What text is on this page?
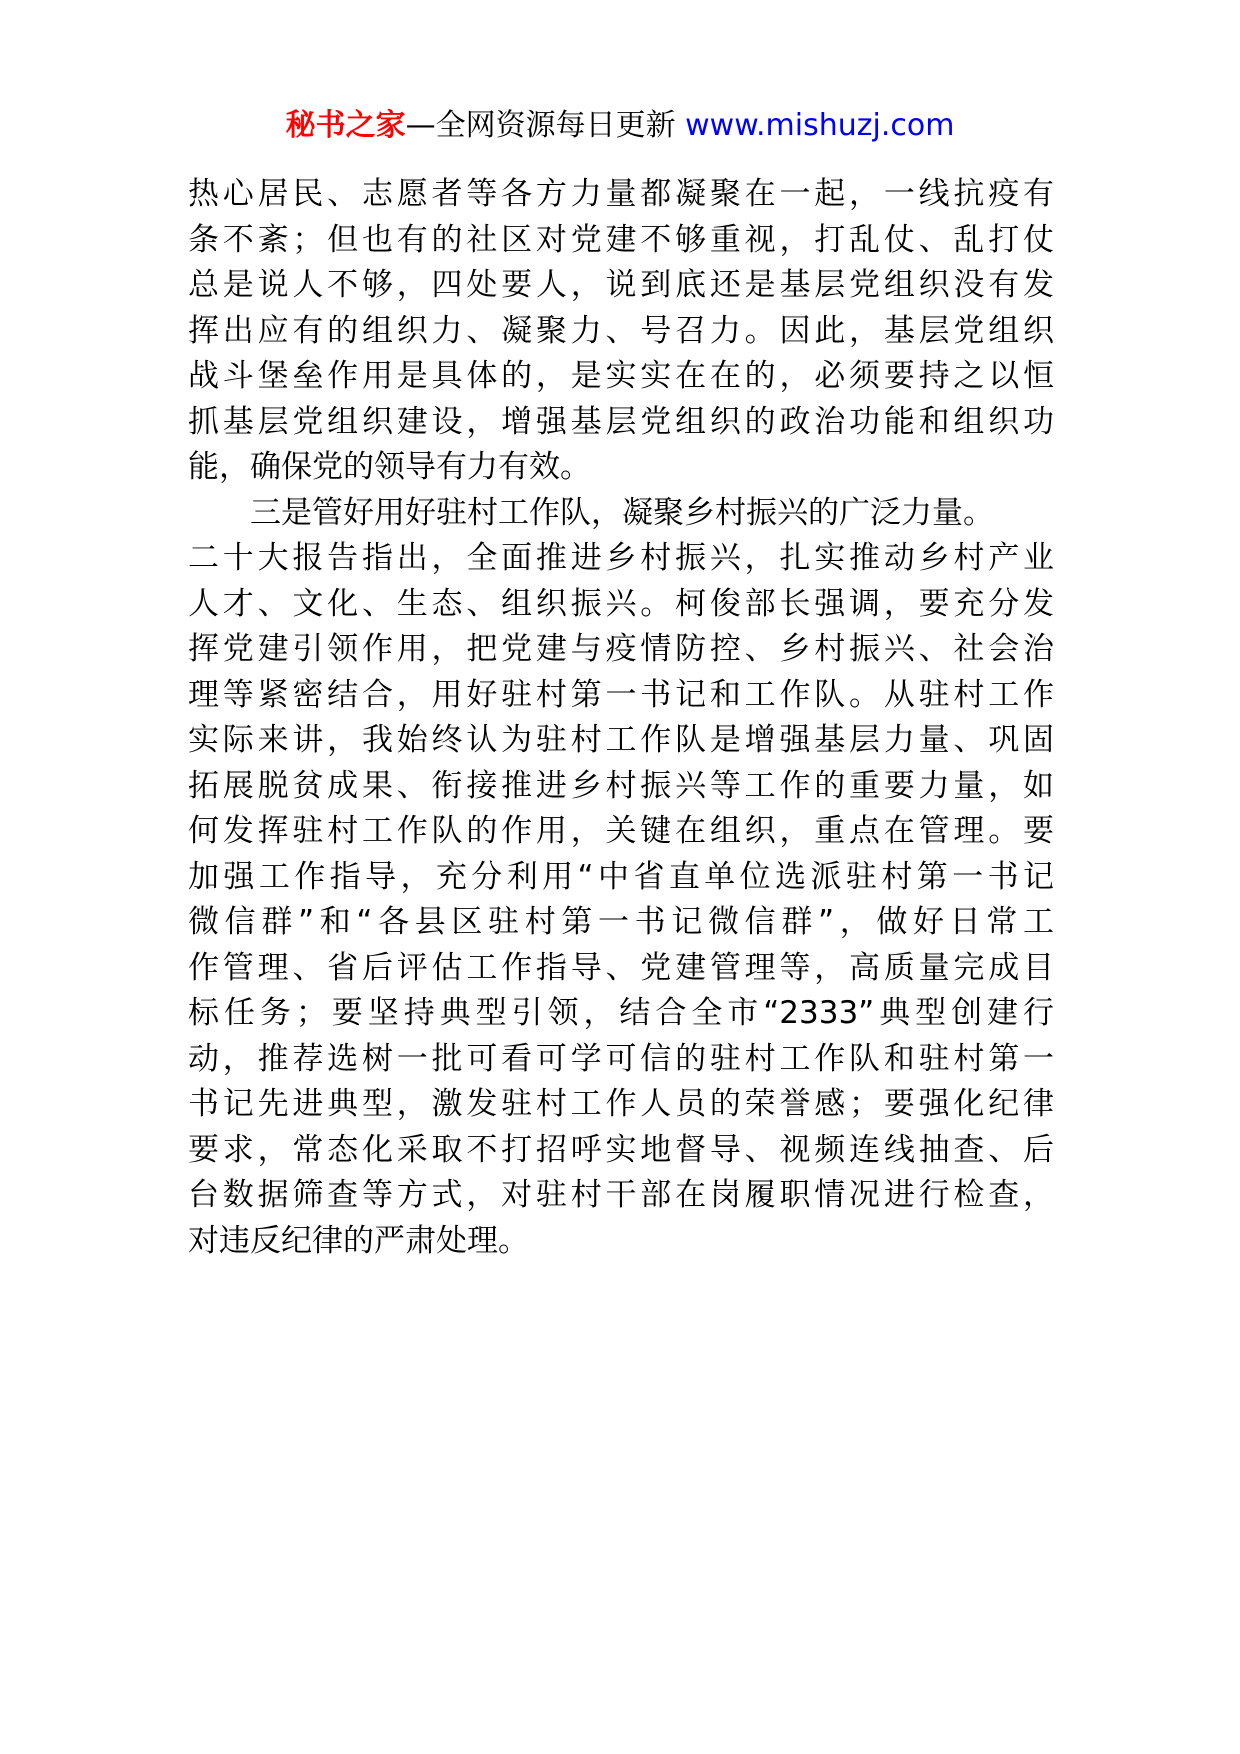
秘书之家—全网资源每日更新 www.mishuzj.com
热心居民、志愿者等各方力量都凝聚在一起，一线抗疫有
条不紊；但也有的社区对党建不够重视，打乱仗、乱打仗
总是说人不够，四处要人，说到底还是基层党组织没有发
挥出应有的组织力、凝聚力、号召力。因此，基层党组织
战斗堡垒作用是具体的，是实实在在的，必须要持之以恒
抓基层党组织建设，增强基层党组织的政治功能和组织功
能，确保党的领导有力有效。
三是管好用好驻村工作队，凝聚乡村振兴的广泛力量。
二十大报告指出，全面推进乡村振兴，扎实推动乡村产业
人才、文化、生态、组织振兴。柯俊部长强调，要充分发
挥党建引领作用，把党建与疫情防控、乡村振兴、社会治
理等紧密结合，用好驻村第一书记和工作队。从驻村工作
实际来讲，我始终认为驻村工作队是增强基层力量、巩固
拓展脱贫成果、衔接推进乡村振兴等工作的重要力量，如
何发挥驻村工作队的作用，关键在组织，重点在管理。要
加强工作指导，充分利用“中省直单位选派驻村第一书记
微信群”和“各县区驻村第一书记微信群”，做好日常工
作管理、省后评估工作指导、党建管理等，高质量完成目
标任务；要坚持典型引领，结合全市“2333”典型创建行
动，推荐选树一批可看可学可信的驻村工作队和驻村第一
书记先进典型，激发驻村工作人员的荣誉感；要强化纪律
要求，常态化采取不打招呼实地督导、视频连线抽查、后
台数据筛查等方式，对驻村干部在岗履职情况进行检查，
对违反纪律的严肃处理。
